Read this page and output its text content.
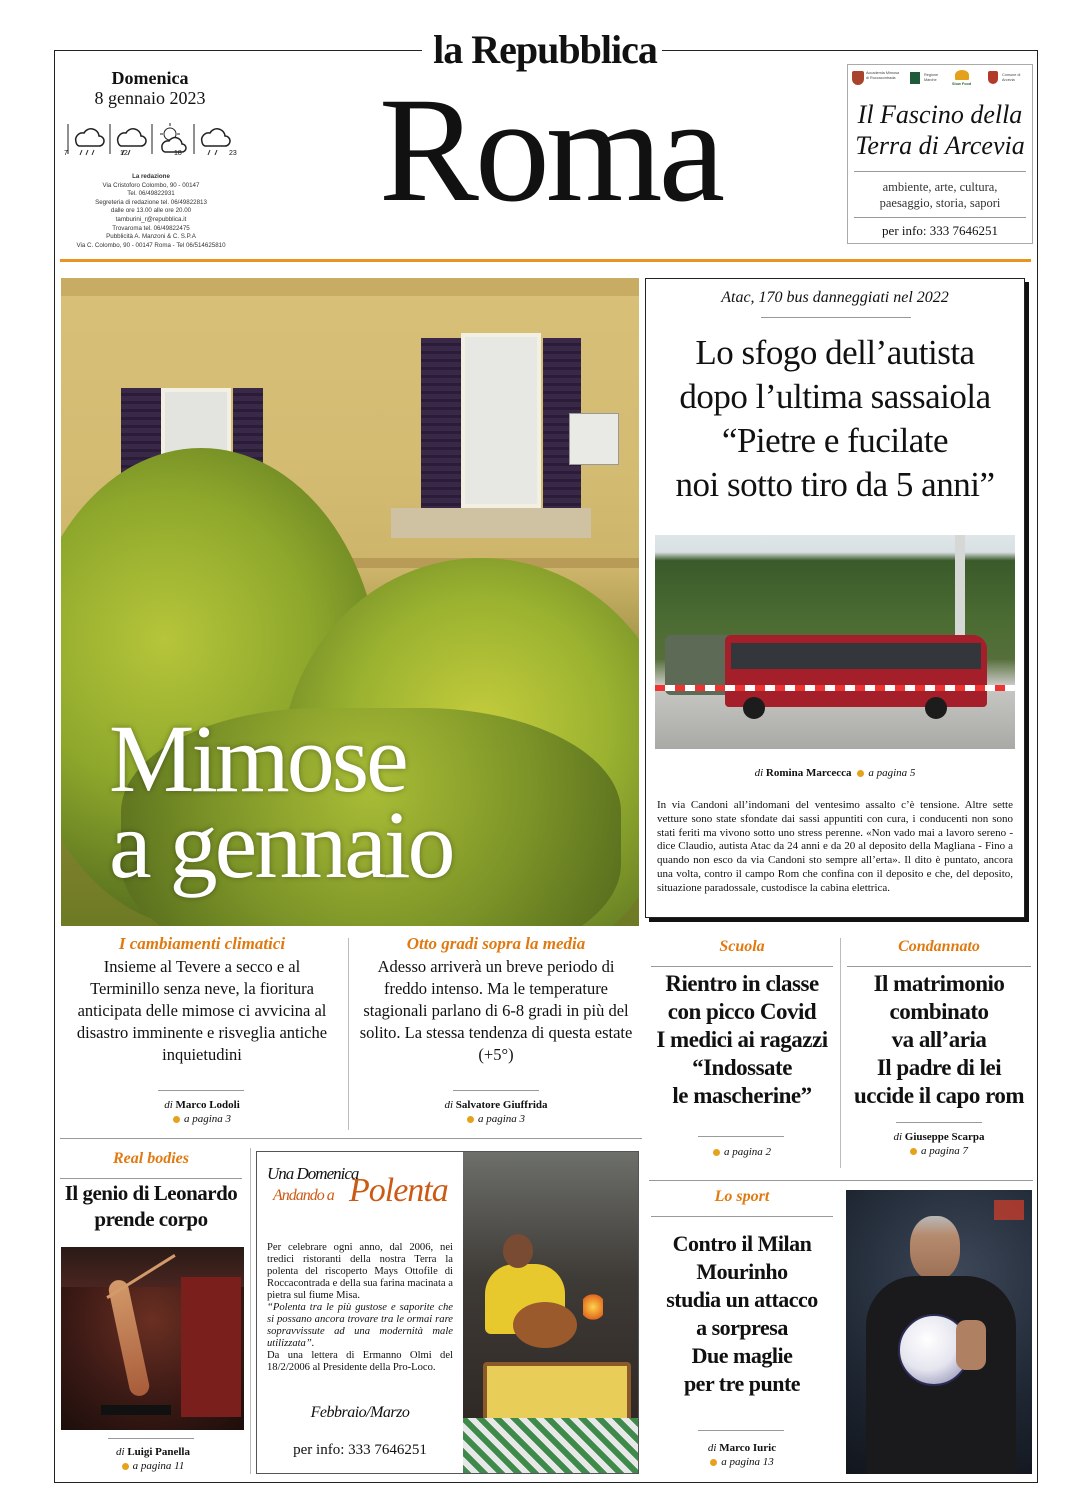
la Repubblica
Roma
Domenica
8 gennaio 2023
7	12	18	23
La redazione
Via Cristoforo Colombo, 90 - 00147
Tel. 06/49822931
Segreteria di redazione tel. 06/49822813
dalle ore 13.00 alle ore 20.00
tamburini_r@repubblica.it
Trovaroma tel. 06/49822475
Pubblicità A. Manzoni & C. S.P.A
Via C. Colombo, 90 - 00147 Roma - Tel 06/514625810
Accademia Mimosa di Roccacontrada
Regione Marche
Slow Food
Comune di Arcevia
Il Fascino della
Terra di Arcevia
ambiente, arte, cultura,
paesaggio, storia, sapori
per info: 333 7646251
Mimose
a gennaio
I cambiamenti climatici
Insieme al Tevere a secco e al Terminillo senza neve, la fioritura anticipata delle mimose ci avvicina al disastro imminente e risveglia antiche inquietudini
di Marco Lodoli
a pagina 3
Otto gradi sopra la media
Adesso arriverà un breve periodo di freddo intenso. Ma le temperature stagionali parlano di 6-8 gradi in più del solito. La stessa tendenza di questa estate (+5°)
di Salvatore Giuffrida
a pagina 3
Atac, 170 bus danneggiati nel 2022
Lo sfogo dell’autista
dopo l’ultima sassaiola
“Pietre e fucilate
noi sotto tiro da 5 anni”
di Romina Marcecca a pagina 5
In via Candoni all’indomani del ventesimo assalto c’è tensione. Altre sette vetture sono state sfondate dai sassi appuntiti con cura, i conducenti non sono stati feriti ma vivono sotto uno stress perenne. «Non vado mai a lavoro sereno - dice Claudio, autista Atac da 24 anni e da 20 al deposito della Magliana - Fino a quando non esco da via Candoni sto sempre all’erta». Il dito è puntato, ancora una volta, contro il campo Rom che confina con il deposito e che, del deposito, situazione paradossale, custodisce la cabina elettrica.
Scuola
Rientro in classe
con picco Covid
I medici ai ragazzi
“Indossate
le mascherine”
a pagina 2
Condannato
Il matrimonio
combinato
va all’aria
Il padre di lei
uccide il capo rom
di Giuseppe Scarpa
a pagina 7
Real bodies
Il genio di Leonardo
prende corpo
di Luigi Panella
a pagina 11
Una Domenica
Andando a Polenta
Per celebrare ogni anno, dal 2006, nei tredici ristoranti della nostra Terra la polenta del riscoperto Mays Ottofile di Roccacontrada e della sua farina macinata a pietra sul fiume Misa.
“Polenta tra le più gustose e saporite che si possano ancora trovare tra le ormai rare sopravvissute ad una modernità male utilizzata”.
Da una lettera di Ermanno Olmi del 18/2/2006 al Presidente della Pro-Loco.
Febbraio/Marzo
per info: 333 7646251
Lo sport
Contro il Milan
Mourinho
studia un attacco
a sorpresa
Due maglie
per tre punte
di Marco Iuric
a pagina 13
